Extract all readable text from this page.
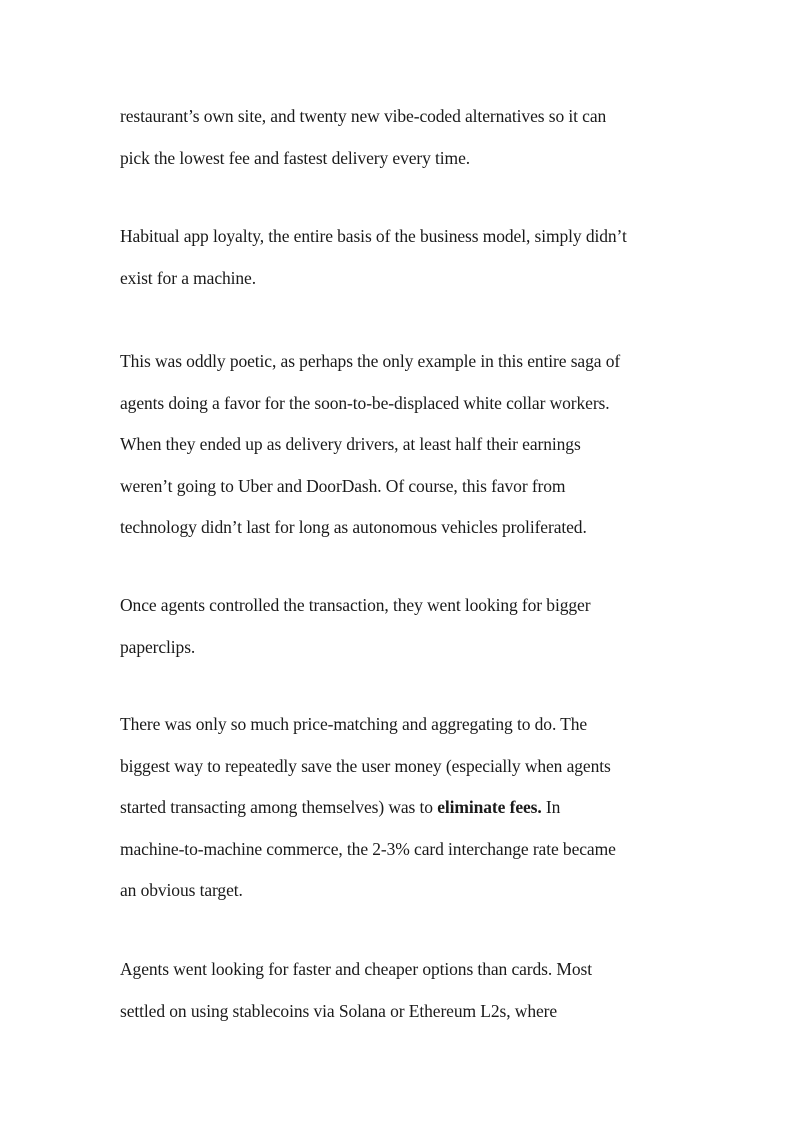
restaurant’s own site, and twenty new vibe-coded alternatives so it can
pick the lowest fee and fastest delivery every time.
Habitual app loyalty, the entire basis of the business model, simply didn’t
exist for a machine.
This was oddly poetic, as perhaps the only example in this entire saga of
agents doing a favor for the soon-to-be-displaced white collar workers.
When they ended up as delivery drivers, at least half their earnings
weren’t going to Uber and DoorDash. Of course, this favor from
technology didn’t last for long as autonomous vehicles proliferated.
Once agents controlled the transaction, they went looking for bigger
paperclips.
There was only so much price-matching and aggregating to do. The
biggest way to repeatedly save the user money (especially when agents
started transacting among themselves) was to eliminate fees. In
machine-to-machine commerce, the 2-3% card interchange rate became
an obvious target.
Agents went looking for faster and cheaper options than cards. Most
settled on using stablecoins via Solana or Ethereum L2s, where
